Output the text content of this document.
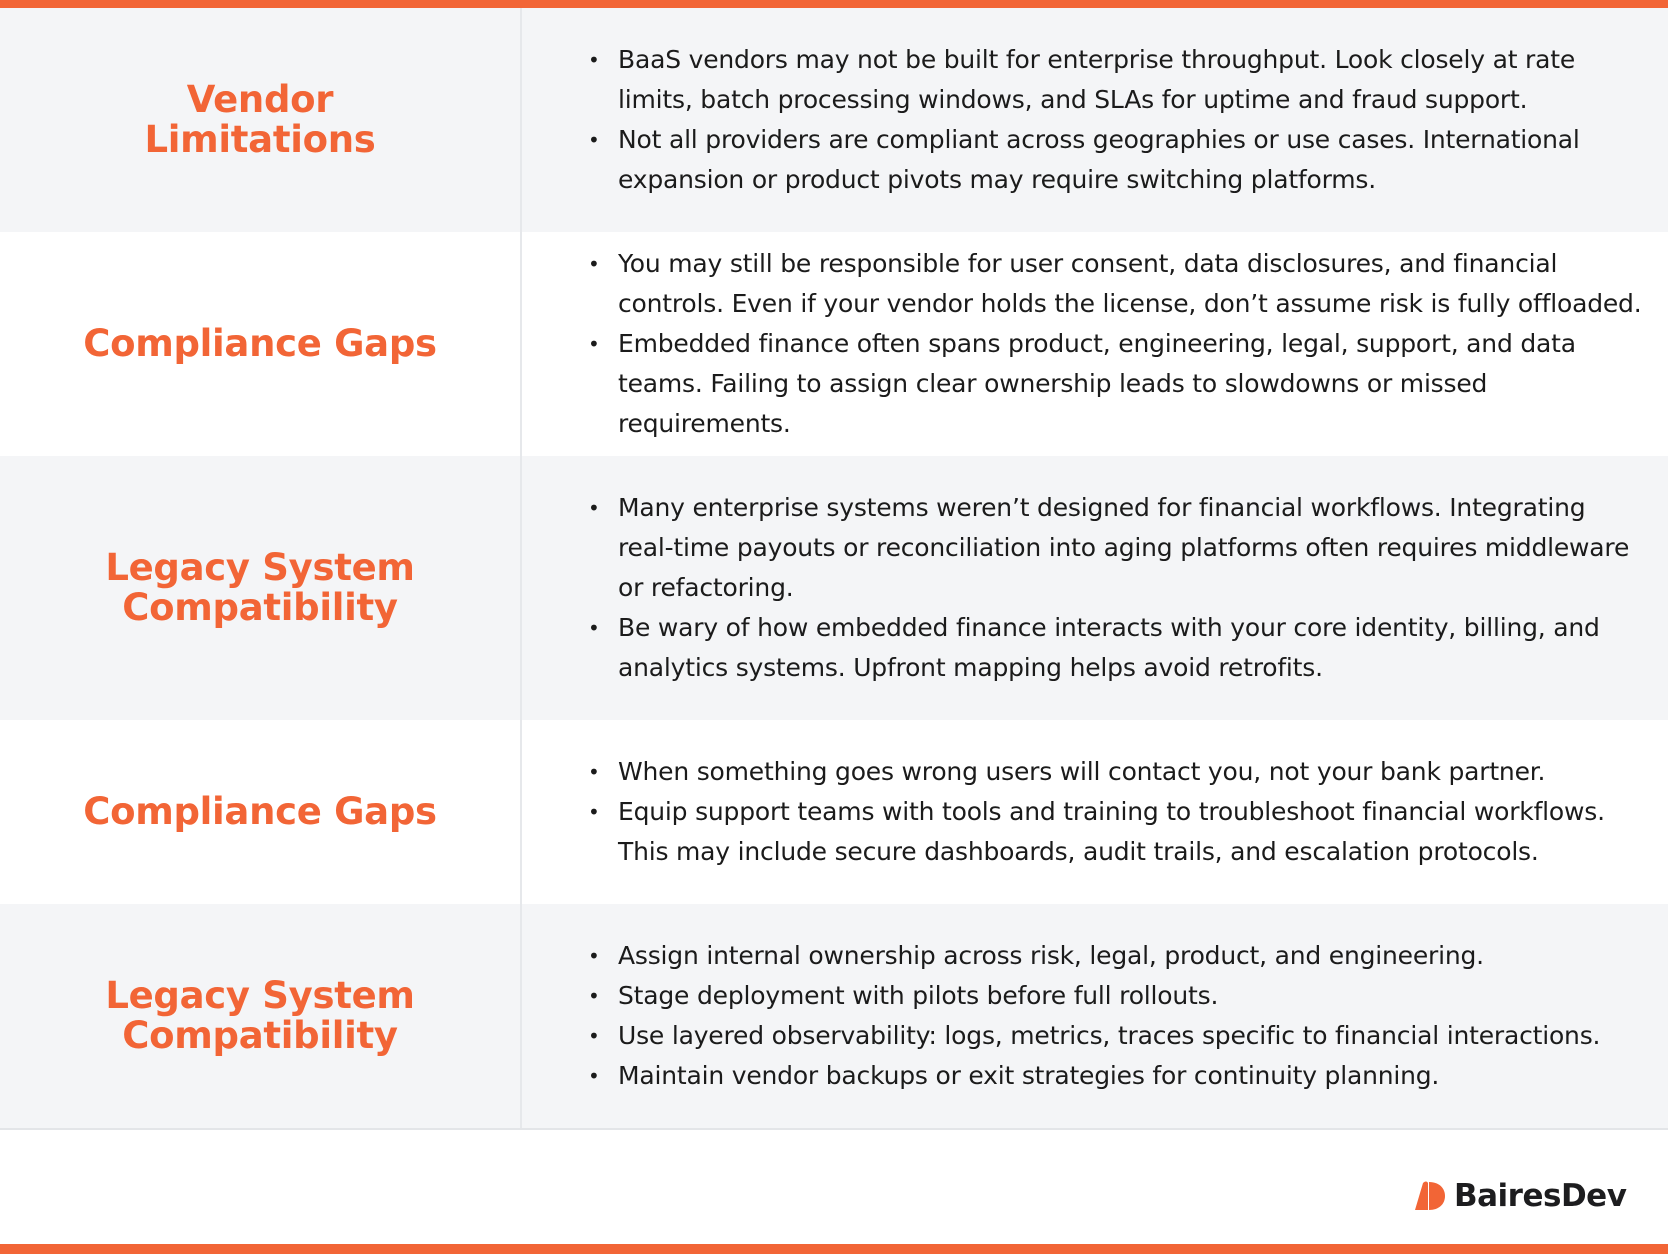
Vendor Limitations
• BaaS vendors may not be built for enterprise throughput. Look closely at rate limits, batch processing windows, and SLAs for uptime and fraud support.
• Not all providers are compliant across geographies or use cases. International expansion or product pivots may require switching platforms.
Compliance Gaps
• You may still be responsible for user consent, data disclosures, and financial controls. Even if your vendor holds the license, don’t assume risk is fully offloaded.
• Embedded finance often spans product, engineering, legal, support, and data teams. Failing to assign clear ownership leads to slowdowns or missed requirements.
Legacy System Compatibility
• Many enterprise systems weren’t designed for financial workflows. Integrating real-time payouts or reconciliation into aging platforms often requires middleware or refactoring.
• Be wary of how embedded finance interacts with your core identity, billing, and analytics systems. Upfront mapping helps avoid retrofits.
Compliance Gaps
• When something goes wrong users will contact you, not your bank partner.
• Equip support teams with tools and training to troubleshoot financial workflows. This may include secure dashboards, audit trails, and escalation protocols.
Legacy System Compatibility
• Assign internal ownership across risk, legal, product, and engineering.
• Stage deployment with pilots before full rollouts.
• Use layered observability: logs, metrics, traces specific to financial interactions.
• Maintain vendor backups or exit strategies for continuity planning.
BairesDev
